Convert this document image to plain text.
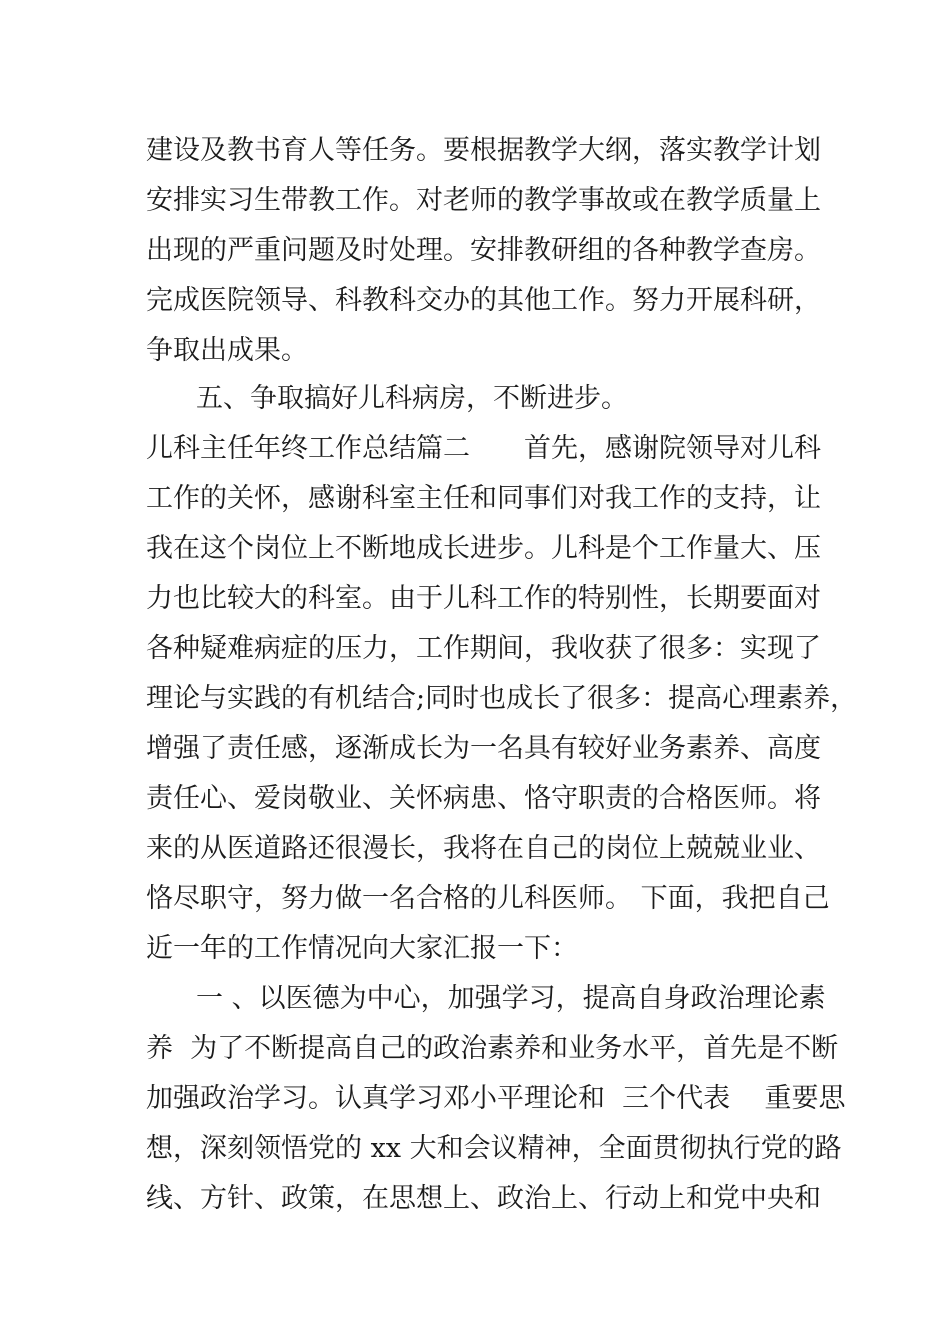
建设及教书育人等任务。要根据教学大纲，落实教学计划
安排实习生带教工作。对老师的教学事故或在教学质量上
出现的严重问题及时处理。安排教研组的各种教学查房。
完成医院领导、科教科交办的其他工作。努力开展科研，
争取出成果。
五、争取搞好儿科病房，不断进步。
儿科主任年终工作总结篇二　　首先，感谢院领导对儿科
工作的关怀，感谢科室主任和同事们对我工作的支持，让
我在这个岗位上不断地成长进步。儿科是个工作量大、压
力也比较大的科室。由于儿科工作的特别性，长期要面对
各种疑难病症的压力，工作期间，我收获了很多：实现了
理论与实践的有机结合;同时也成长了很多：提高心理素养，
增强了责任感，逐渐成长为一名具有较好业务素养、高度
责任心、爱岗敬业、关怀病患、恪守职责的合格医师。将
来的从医道路还很漫长，我将在自己的岗位上兢兢业业、
恪尽职守，努力做一名合格的儿科医师。 下面，我把自己
近一年的工作情况向大家汇报一下：
一 、以医德为中心，加强学习，提高自身政治理论素
养  为了不断提高自己的政治素养和业务水平，首先是不断
加强政治学习。认真学习邓小平理论和  三个代表    重要思
想，深刻领悟党的 xx 大和会议精神，全面贯彻执行党的路
线、方针、政策，在思想上、政治上、行动上和党中央和
